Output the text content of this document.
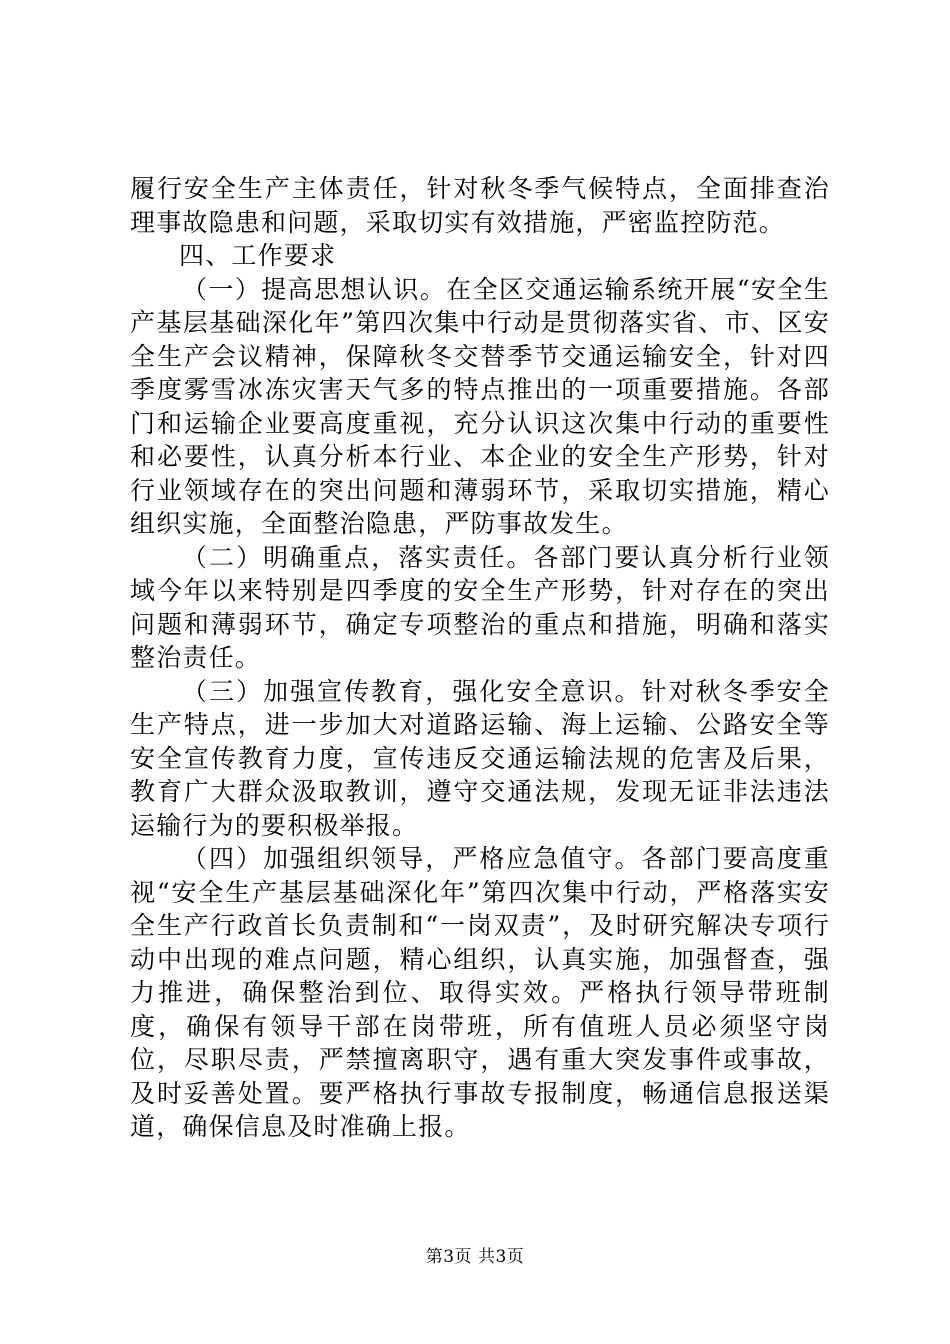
履行安全生产主体责任，针对秋冬季气候特点，全面排查治理事故隐患和问题，采取切实有效措施，严密监控防范。

四、工作要求

（一）提高思想认识。在全区交通运输系统开展“安全生产基层基础深化年”第四次集中行动是贯彻落实省、市、区安全生产会议精神，保障秋冬交替季节交通运输安全，针对四季度雾雪冰冻灾害天气多的特点推出的一项重要措施。各部门和运输企业要高度重视，充分认识这次集中行动的重要性和必要性，认真分析本行业、本企业的安全生产形势，针对行业领域存在的突出问题和薄弱环节，采取切实措施，精心组织实施，全面整治隐患，严防事故发生。

（二）明确重点，落实责任。各部门要认真分析行业领域今年以来特别是四季度的安全生产形势，针对存在的突出问题和薄弱环节，确定专项整治的重点和措施，明确和落实整治责任。

（三）加强宣传教育，强化安全意识。针对秋冬季安全生产特点，进一步加大对道路运输、海上运输、公路安全等安全宣传教育力度，宣传违反交通运输法规的危害及后果，教育广大群众汲取教训，遵守交通法规，发现无证非法违法运输行为的要积极举报。

（四）加强组织领导，严格应急值守。各部门要高度重视“安全生产基层基础深化年”第四次集中行动，严格落实安全生产行政首长负责制和“一岗双责”，及时研究解决专项行动中出现的难点问题，精心组织，认真实施，加强督查，强力推进，确保整治到位、取得实效。严格执行领导带班制度，确保有领导干部在岗带班，所有值班人员必须坚守岗位，尽职尽责，严禁擅离职守，遇有重大突发事件或事故，及时妥善处置。要严格执行事故专报制度，畅通信息报送渠道，确保信息及时准确上报。

第3页 共3页
